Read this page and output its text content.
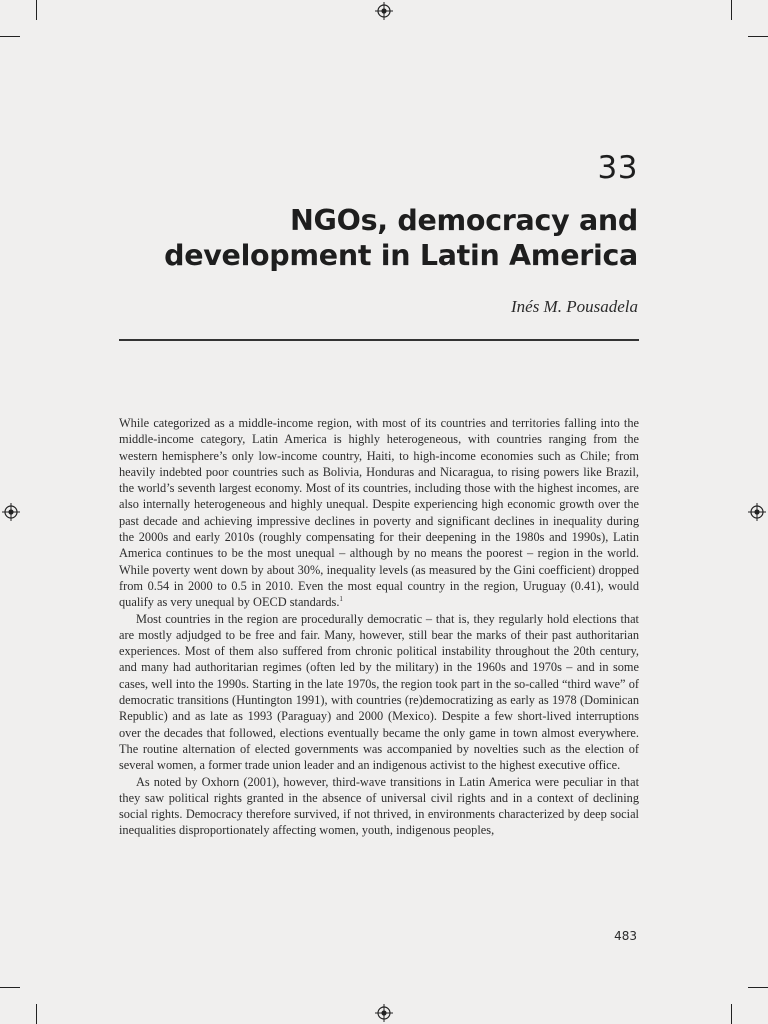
33
NGOs, democracy and
development in Latin America
Inés M. Pousadela

While categorized as a middle-income region, with most of its countries and territories falling into the middle-income category, Latin America is highly heterogeneous, with countries ranging from the western hemisphere’s only low-income country, Haiti, to high-income economies such as Chile; from heavily indebted poor countries such as Bolivia, Honduras and Nicaragua, to rising powers like Brazil, the world’s seventh largest economy. Most of its countries, including those with the highest incomes, are also internally heterogeneous and highly unequal. Despite experiencing high economic growth over the past decade and achieving impressive declines in poverty and significant declines in inequality during the 2000s and early 2010s (roughly compensating for their deepening in the 1980s and 1990s), Latin America continues to be the most unequal – although by no means the poorest – region in the world. While poverty went down by about 30%, inequality levels (as measured by the Gini coefficient) dropped from 0.54 in 2000 to 0.5 in 2010. Even the most equal country in the region, Uruguay (0.41), would qualify as very unequal by OECD standards.$^1$

Most countries in the region are procedurally democratic – that is, they regularly hold elections that are mostly adjudged to be free and fair. Many, however, still bear the marks of their past authoritarian experiences. Most of them also suffered from chronic political instability throughout the 20th century, and many had authoritarian regimes (often led by the military) in the 1960s and 1970s – and in some cases, well into the 1990s. Starting in the late 1970s, the region took part in the so-called “third wave” of democratic transitions (Huntington 1991), with countries (re)democratizing as early as 1978 (Dominican Republic) and as late as 1993 (Paraguay) and 2000 (Mexico). Despite a few short-lived interruptions over the decades that followed, elections eventually became the only game in town almost everywhere. The routine alternation of elected governments was accompanied by novelties such as the election of several women, a former trade union leader and an indigenous activist to the highest executive office.

As noted by Oxhorn (2001), however, third-wave transitions in Latin America were peculiar in that they saw political rights granted in the absence of universal civil rights and in a context of declining social rights. Democracy therefore survived, if not thrived, in environments characterized by deep social inequalities disproportionately affecting women, youth, indigenous peoples,

483
